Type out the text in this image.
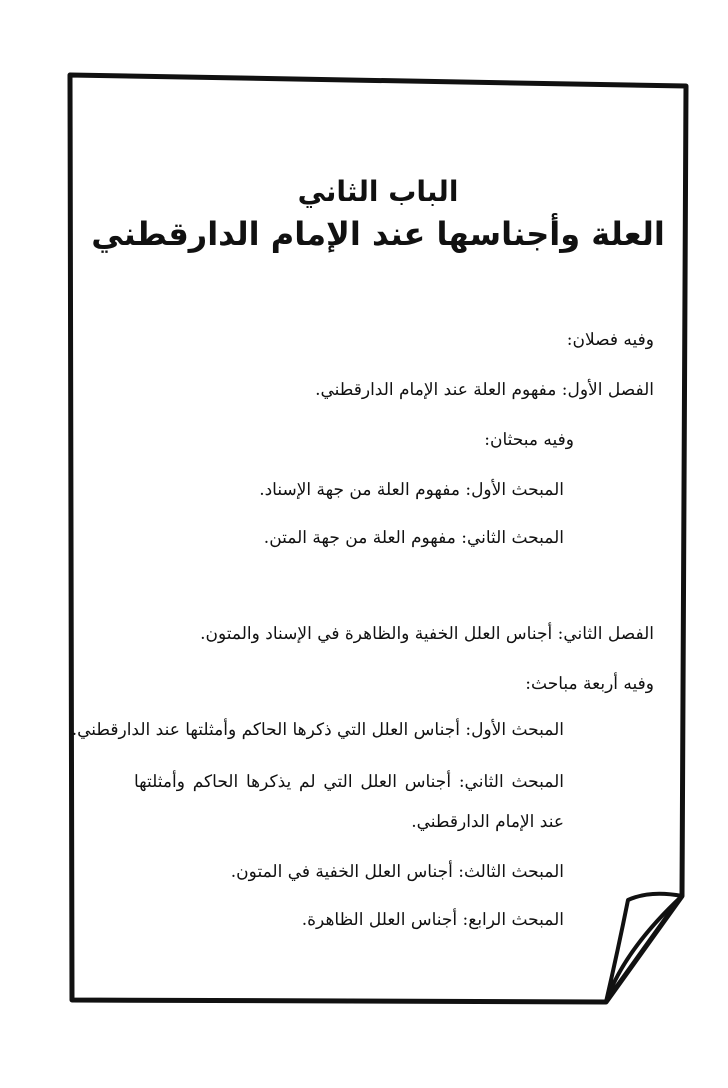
الباب الثاني
العلة وأجناسها عند الإمام الدارقطني
وفيه فصلان:
الفصل الأول: مفهوم العلة عند الإمام الدارقطني.
وفيه مبحثان:
المبحث الأول: مفهوم العلة من جهة الإسناد.
المبحث الثاني: مفهوم العلة من جهة المتن.
الفصل الثاني: أجناس العلل الخفية والظاهرة في الإسناد والمتون.
وفيه أربعة مباحث:
المبحث الأول: أجناس العلل التي ذكرها الحاكم وأمثلتها عند الدارقطني.
المبحث الثاني: أجناس العلل التي لم يذكرها الحاكم وأمثلتها عند الإمام الدارقطني.
المبحث الثالث: أجناس العلل الخفية في المتون.
المبحث الرابع: أجناس العلل الظاهرة.
